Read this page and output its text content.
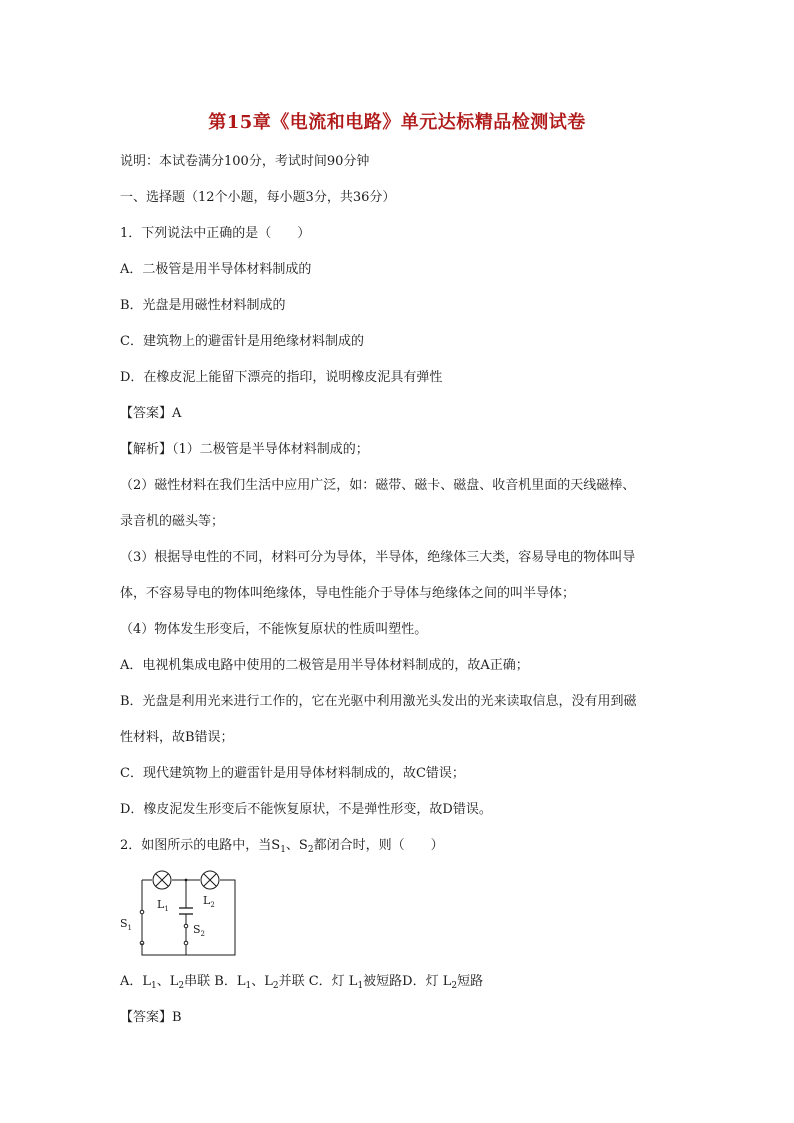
第15章《电流和电路》单元达标精品检测试卷
说明：本试卷满分100分，考试时间90分钟
一、选择题（12个小题，每小题3分，共36分）
1．下列说法中正确的是（　　）
A．二极管是用半导体材料制成的
B．光盘是用磁性材料制成的
C．建筑物上的避雷针是用绝缘材料制成的
D．在橡皮泥上能留下漂亮的指印，说明橡皮泥具有弹性
【答案】A
【解析】（1）二极管是半导体材料制成的；
（2）磁性材料在我们生活中应用广泛，如：磁带、磁卡、磁盘、收音机里面的天线磁棒、
录音机的磁头等；
（3）根据导电性的不同，材料可分为导体，半导体，绝缘体三大类，容易导电的物体叫导
体，不容易导电的物体叫绝缘体，导电性能介于导体与绝缘体之间的叫半导体；
（4）物体发生形变后，不能恢复原状的性质叫塑性。
A．电视机集成电路中使用的二极管是用半导体材料制成的，故A正确；
B．光盘是利用光来进行工作的，它在光驱中利用激光头发出的光来读取信息，没有用到磁
性材料，故B错误；
C．现代建筑物上的避雷针是用导体材料制成的，故C错误；
D．橡皮泥发生形变后不能恢复原状，不是弹性形变，故D错误。
2．如图所示的电路中，当$S_1$、$S_2$都闭合时，则（　　）
$L_1$
$L_2$
$S_1$	$S_2$
A．$L_1$、$L_2$串联 B．$L_1$、$L_2$并联 C．灯 $L_1$被短路D．灯 $L_2$短路
【答案】B
